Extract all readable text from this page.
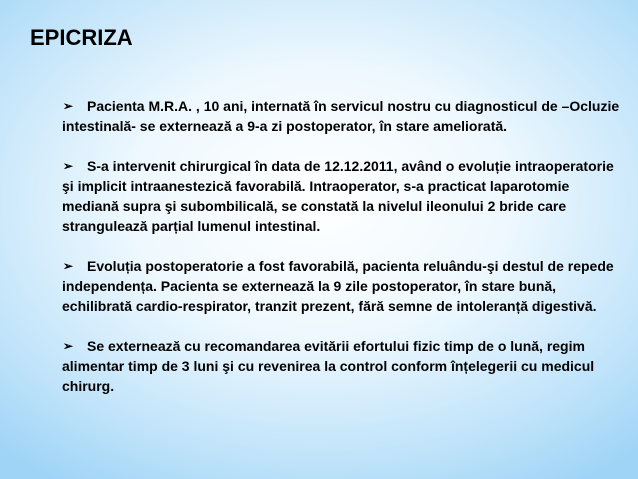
EPICRIZA

➢ Pacienta M.R.A. , 10 ani, internată în servicul nostru cu diagnosticul de –Ocluzie intestinală- se externează a 9-a zi postoperator, în stare ameliorată.

➢ S-a intervenit chirurgical în data de 12.12.2011, având o evoluție intraoperatorie şi implicit intraanestezică favorabilă. Intraoperator, s-a practicat laparotomie mediană supra şi subombilicală, se constată la nivelul ileonului 2 bride care strangulează parțial lumenul intestinal.

➢ Evoluția postoperatorie a fost favorabilă, pacienta reluându-şi destul de repede independența. Pacienta se externează la 9 zile postoperator, în stare bună, echilibrată cardio-respirator, tranzit prezent, fără semne de intoleranță digestivă.

➢ Se externează cu recomandarea evitării efortului fizic timp de o lună, regim alimentar timp de 3 luni şi cu revenirea la control conform înțelegerii cu medicul chirurg.
